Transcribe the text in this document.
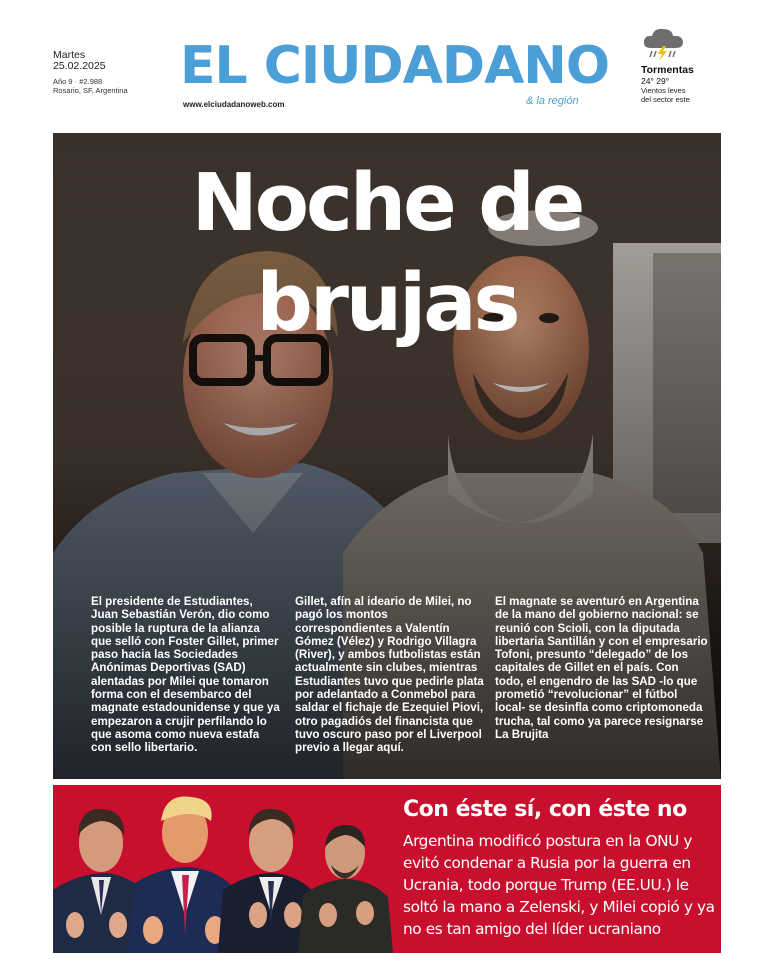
Martes
25.02.2025
Año 9 · #2.988
Rosario, SF, Argentina EL CIUDADANO
& la región
www.elciudadanoweb.com
Tormentas
24° 29°
Vientos leves
del sector este
Noche de brujas

El presidente de Estudiantes, Juan Sebastián Verón, dio como posible la ruptura de la alianza que selló con Foster Gillet, primer paso hacia las Sociedades Anónimas Deportivas (SAD) alentadas por Milei que tomaron forma con el desembarco del magnate estadounidense y que ya empezaron a crujir perfilando lo que asoma como nueva estafa con sello libertario.

Gillet, afín al ideario de Milei, no pagó los montos correspondientes a Valentín Gómez (Vélez) y Rodrigo Villagra (River), y ambos futbolistas están actualmente sin clubes, mientras Estudiantes tuvo que pedirle plata por adelantado a Conmebol para saldar el fichaje de Ezequiel Piovi, otro pagadiós del financista que tuvo oscuro paso por el Liverpool previo a llegar aquí.

El magnate se aventuró en Argentina de la mano del gobierno nacional: se reunió con Scioli, con la diputada libertaria Santillán y con el empresario Tofoni, presunto “delegado” de los capitales de Gillet en el país. Con todo, el engendro de las SAD -lo que prometió “revolucionar” el fútbol local- se desinfla como criptomoneda trucha, tal como ya parece resignarse La Brujita

Con éste sí, con éste no

Argentina modificó postura en la ONU y evitó condenar a Rusia por la guerra en Ucrania, todo porque Trump (EE.UU.) le soltó la mano a Zelenski, y Milei copió y ya no es tan amigo del líder ucraniano
